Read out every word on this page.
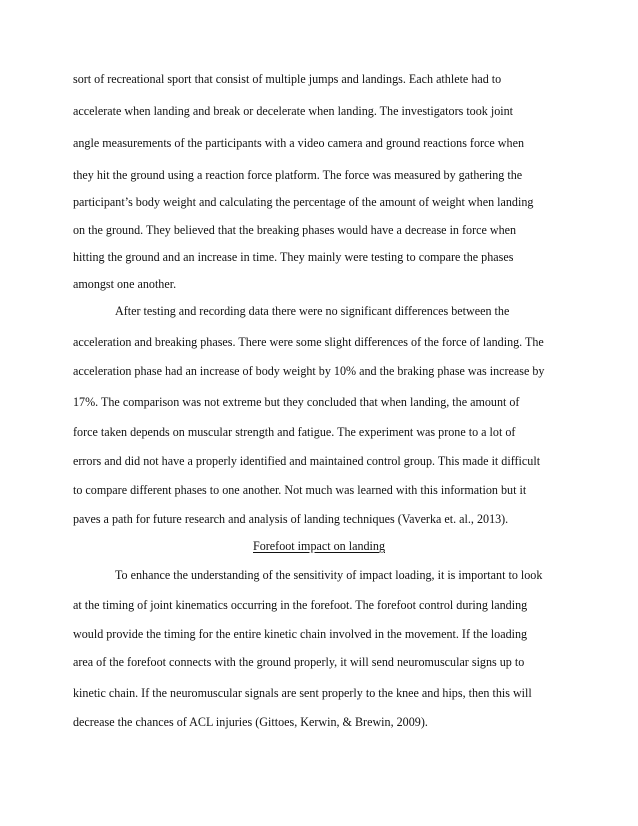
sort of recreational sport that consist of multiple jumps and landings. Each athlete had to
accelerate when landing and break or decelerate when landing. The investigators took joint
angle measurements of the participants with a video camera and ground reactions force when
they hit the ground using a reaction force platform. The force was measured by gathering the
participant’s body weight and calculating the percentage of the amount of weight when landing
on the ground. They believed that the breaking phases would have a decrease in force when
hitting the ground and an increase in time. They mainly were testing to compare the phases
amongst one another.
After testing and recording data there were no significant differences between the
acceleration and breaking phases. There were some slight differences of the force of landing. The
acceleration phase had an increase of body weight by 10% and the braking phase was increase by
17%. The comparison was not extreme but they concluded that when landing, the amount of
force taken depends on muscular strength and fatigue. The experiment was prone to a lot of
errors and did not have a properly identified and maintained control group. This made it difficult
to compare different phases to one another. Not much was learned with this information but it
paves a path for future research and analysis of landing techniques (Vaverka et. al., 2013).
Forefoot impact on landing
To enhance the understanding of the sensitivity of impact loading, it is important to look
at the timing of joint kinematics occurring in the forefoot. The forefoot control during landing
would provide the timing for the entire kinetic chain involved in the movement. If the loading
area of the forefoot connects with the ground properly, it will send neuromuscular signs up to
kinetic chain. If the neuromuscular signals are sent properly to the knee and hips, then this will
decrease the chances of ACL injuries (Gittoes, Kerwin, & Brewin, 2009).
